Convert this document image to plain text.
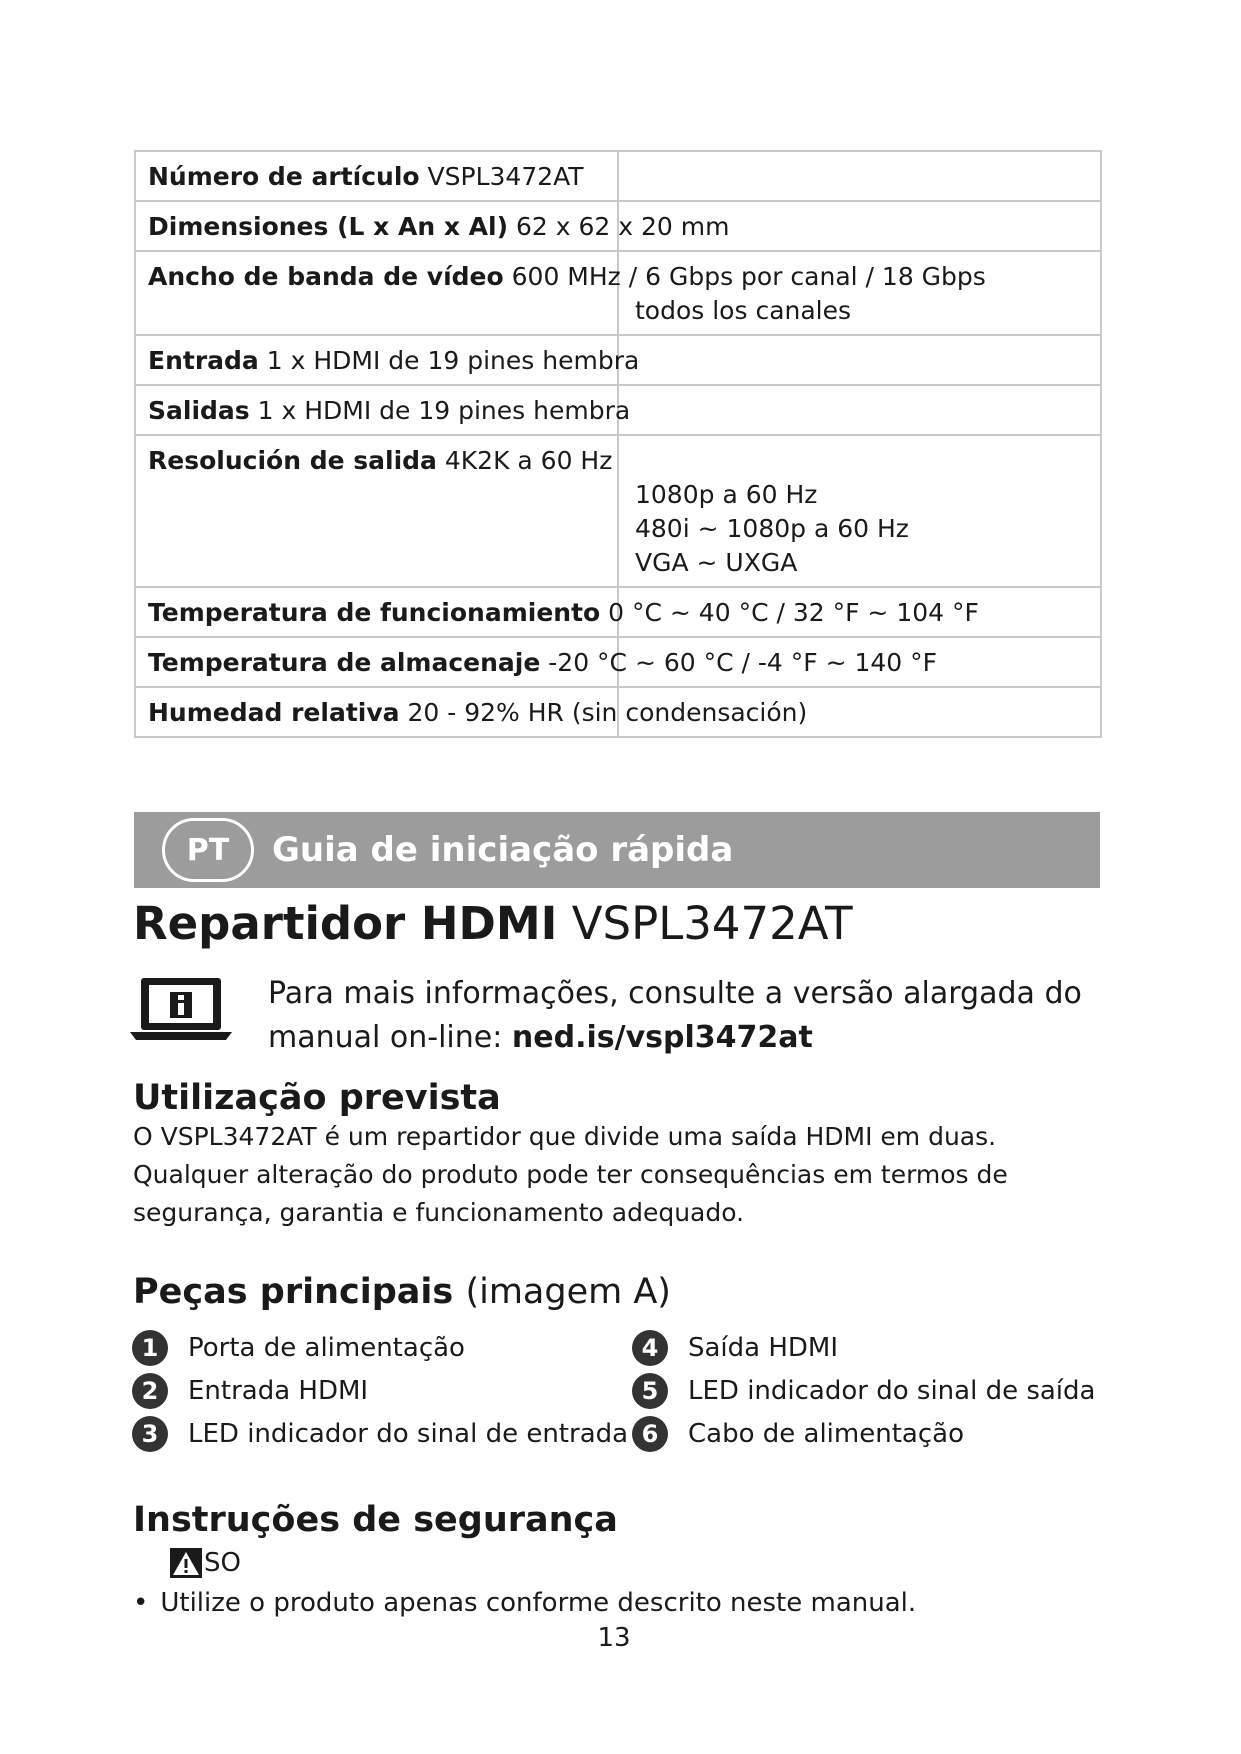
Número de artículo VSPL3472AT	
Dimensiones (L x An x Al) 62 x 62 x 20 mm	
Ancho de banda de vídeo 600 MHz / 6 Gbps por canal / 18 Gbps	todos los canales

Entrada 1 x HDMI de 19 pines hembra	
Salidas 1 x HDMI de 19 pines hembra	
Resolución de salida 4K2K a 60 Hz	1080p a 60 Hz
480i ~ 1080p a 60 Hz
VGA ~ UXGA

Temperatura de funcionamiento 0 °C ~ 40 °C / 32 °F ~ 104 °F	
Temperatura de almacenaje -20 °C ~ 60 °C / -4 °F ~ 140 °F	
Humedad relativa 20 - 92% HR (sin condensación)	
PT	Guia de iniciação rápida
Repartidor HDMI VSPL3472AT
Para mais informações, consulte a versão alargada do
manual on-line: ned.is/vspl3472at
Utilização prevista
O VSPL3472AT é um repartidor que divide uma saída HDMI em duas.
Qualquer alteração do produto pode ter consequências em termos de
segurança, garantia e funcionamento adequado.
Peças principais (imagem A)
1	Porta de alimentação
2	Entrada HDMI
3	LED indicador do sinal de entrada
4	Saída HDMI
5	LED indicador do sinal de saída
6	Cabo de alimentação
Instruções de segurança
SO
• Utilize o produto apenas conforme descrito neste manual.
13
